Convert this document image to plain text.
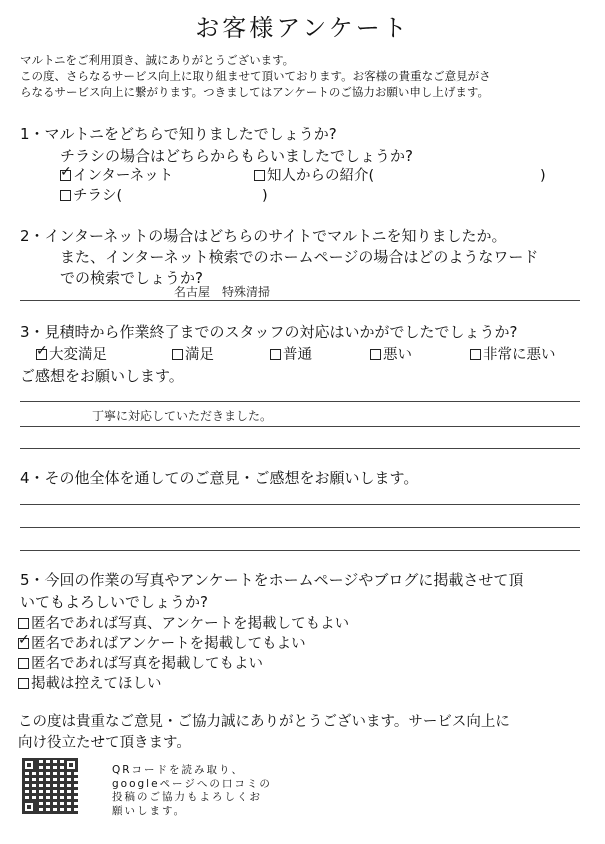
お客様アンケート
マルトニをご利用頂き、誠にありがとうございます。
この度、さらなるサービス向上に取り組ませて頂いております。お客様の貴重なご意見がさ
らなるサービス向上に繋がります。つきましてはアンケートのご協力お願い申し上げます。
1・マルトニをどちらで知りましたでしょうか?
チラシの場合はどちらからもらいましたでしょうか?
✓インターネット	知人からの紹介(	)
チラシ(	)
2・インターネットの場合はどちらのサイトでマルトニを知りましたか。
また、インターネット検索でのホームページの場合はどのようなワード
での検索でしょうか?
名古屋　特殊清掃
3・見積時から作業終了までのスタッフの対応はいかがでしたでしょうか?
✓大変満足	満足	普通	悪い	非常に悪い
ご感想をお願いします。
丁寧に対応していただきました。
4・その他全体を通してのご意見・ご感想をお願いします。
5・今回の作業の写真やアンケートをホームページやブログに掲載させて頂
いてもよろしいでしょうか?
匿名であれば写真、アンケートを掲載してもよい
✓匿名であればアンケートを掲載してもよい
匿名であれば写真を掲載してもよい
掲載は控えてほしい
この度は貴重なご意見・ご協力誠にありがとうございます。サービス向上に
向け役立たせて頂きます。
QRコードを読み取り、
googleページへの口コミの
投稿のご協力もよろしくお
願いします。
